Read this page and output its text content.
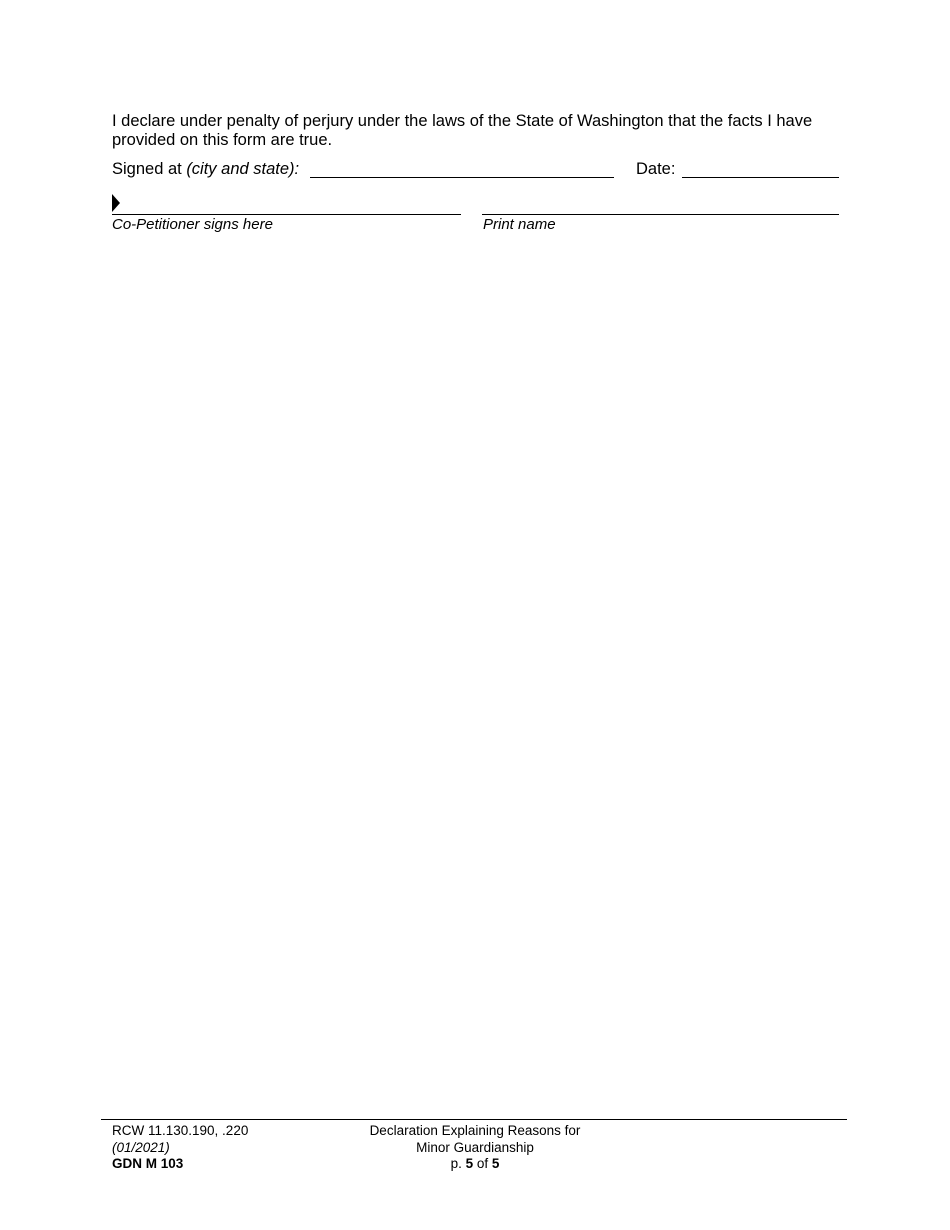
I declare under penalty of perjury under the laws of the State of Washington that the facts I have provided on this form are true.
Signed at (city and state):	Date:
Co-Petitioner signs here	Print name
RCW 11.130.190, .220
(01/2021)
GDN M 103
Declaration Explaining Reasons for
Minor Guardianship
p. 5 of 5
